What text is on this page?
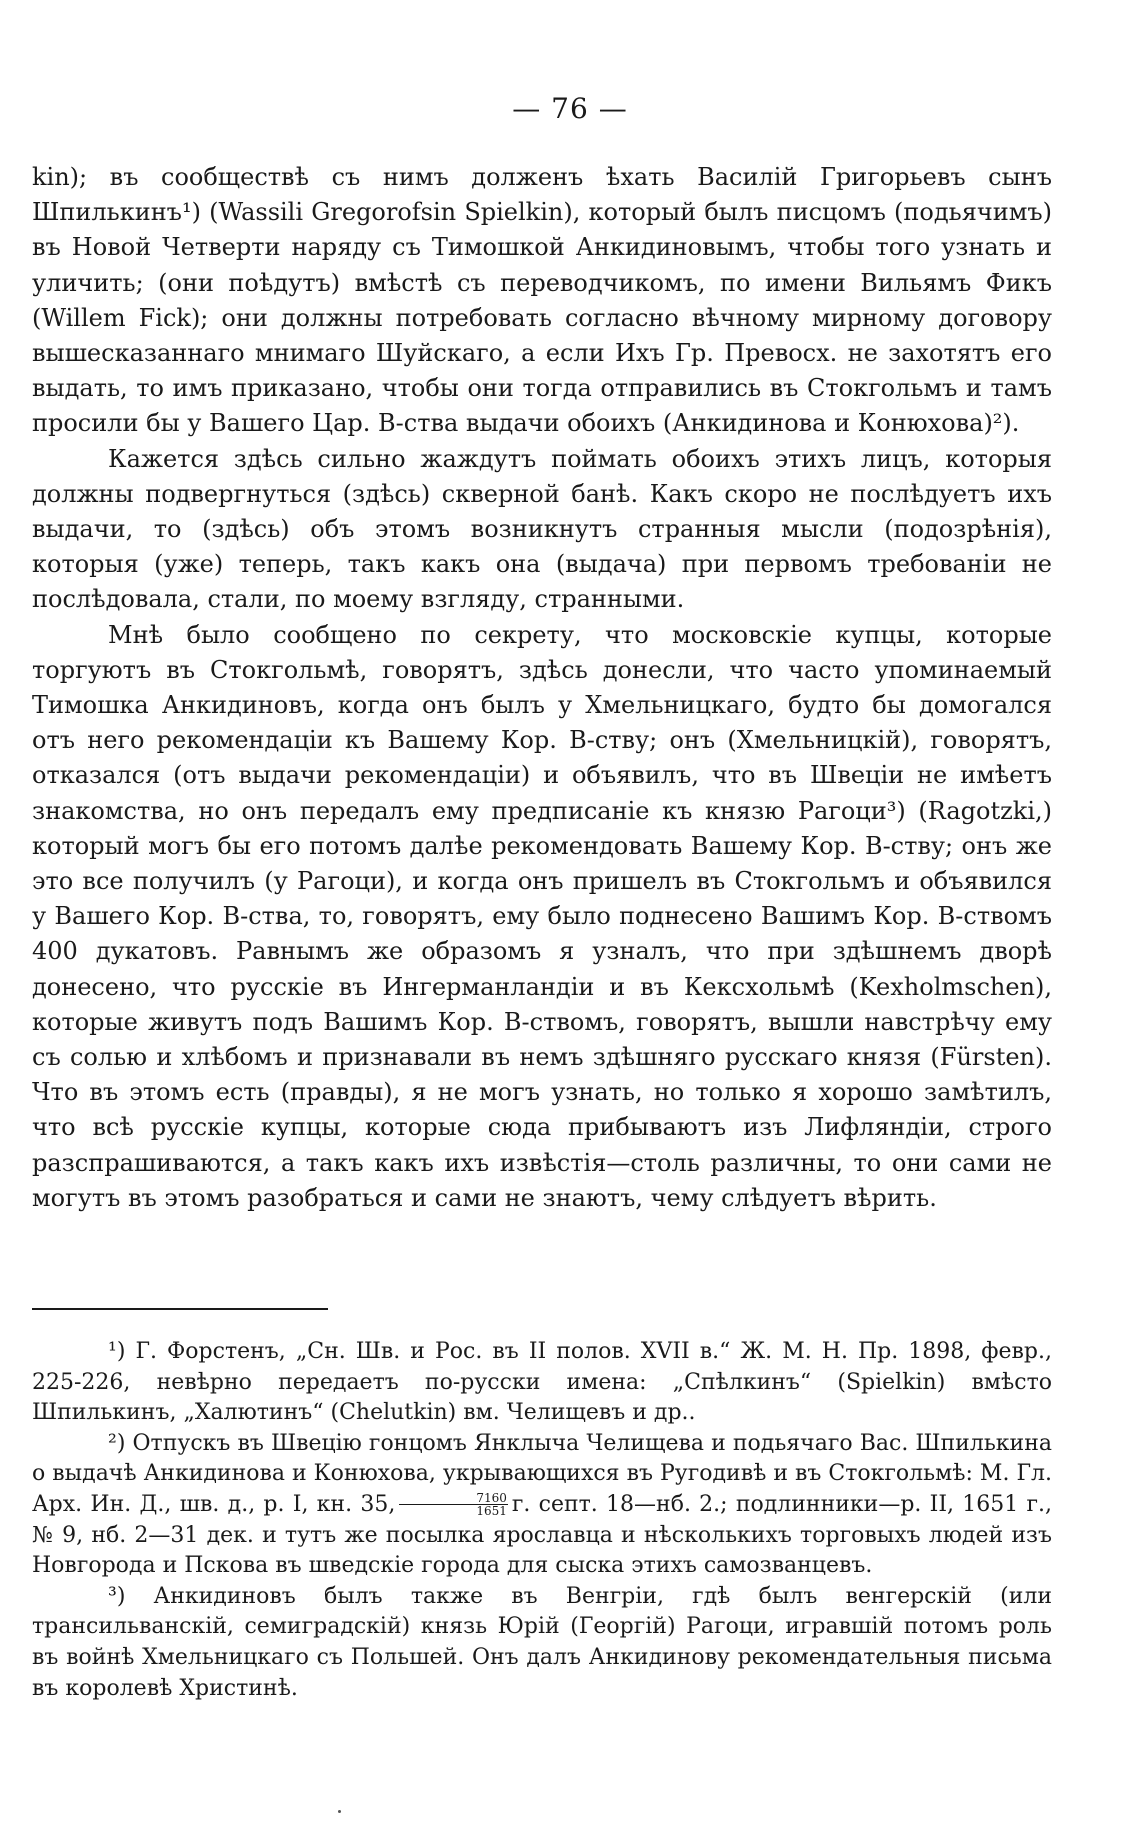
— 76 —

kin); въ сообществѣ съ нимъ долженъ ѣхать Василій Григорьевъ сынъ Шпилькинъ¹) (Wassili Gregorofsin Spielkin), который былъ писцомъ (подьячимъ) въ Новой Четверти наряду съ Тимошкой Анкидиновымъ, чтобы того узнать и уличить; (они поѣдутъ) вмѣстѣ съ переводчикомъ, по имени Вильямъ Фикъ (Willem Fick); они должны потребовать согласно вѣчному мирному договору вышесказаннаго мнимаго Шуйскаго, а если Ихъ Гр. Превосх. не захотятъ его выдать, то имъ приказано, чтобы они тогда отправились въ Стокгольмъ и тамъ просили бы у Вашего Цар. В-ства выдачи обоихъ (Анкидинова и Конюхова)²).

Кажется здѣсь сильно жаждутъ поймать обоихъ этихъ лицъ, которыя должны подвергнуться (здѣсь) скверной банѣ. Какъ скоро не послѣдуетъ ихъ выдачи, то (здѣсь) объ этомъ возникнутъ странныя мысли (подозрѣнія), которыя (уже) теперь, такъ какъ она (выдача) при первомъ требованіи не послѣдовала, стали, по моему взгляду, странными.

Мнѣ было сообщено по секрету, что московскіе купцы, которые торгуютъ въ Стокгольмѣ, говорятъ, здѣсь донесли, что часто упоминаемый Тимошка Анкидиновъ, когда онъ былъ у Хмельницкаго, будто бы домогался отъ него рекомендаціи къ Вашему Кор. В-ству; онъ (Хмельницкій), говорятъ, отказался (отъ выдачи рекомендаціи) и объявилъ, что въ Швеціи не имѣетъ знакомства, но онъ передалъ ему предписаніе къ князю Рагоци³) (Ragotzki,) который могъ бы его потомъ далѣе рекомендовать Вашему Кор. В-ству; онъ же это все получилъ (у Рагоци), и когда онъ пришелъ въ Стокгольмъ и объявился у Вашего Кор. В-ства, то, говорятъ, ему было поднесено Вашимъ Кор. В-ствомъ 400 дукатовъ. Равнымъ же образомъ я узналъ, что при здѣшнемъ дворѣ донесено, что русскіе въ Ингерманландіи и въ Кексхольмѣ (Kexholmschen), которые живутъ подъ Вашимъ Кор. В-ствомъ, говорятъ, вышли навстрѣчу ему съ солью и хлѣбомъ и признавали въ немъ здѣшняго русскаго князя (Fürsten). Что въ этомъ есть (правды), я не могъ узнать, но только я хорошо замѣтилъ, что всѣ русскіе купцы, которые сюда прибываютъ изъ Лифляндіи, строго разспрашиваются, а такъ какъ ихъ извѣстія—столь различны, то они сами не могутъ въ этомъ разобраться и сами не знаютъ, чему слѣдуетъ вѣрить.

¹) Г. Форстенъ, „Сн. Шв. и Рос. въ II полов. XVII в.“ Ж. М. Н. Пр. 1898, февр., 225-226, невѣрно передаетъ по-русски имена: „Спѣлкинъ“ (Spielkin) вмѣсто Шпилькинъ, „Халютинъ“ (Chelutkin) вм. Челищевъ и др..

²) Отпускъ въ Швецію гонцомъ Янклыча Челищева и подьячаго Вас. Шпилькина о выдачѣ Анкидинова и Конюхова, укрывающихся въ Ругодивѣ и въ Стокгольмѣ: М. Гл. Арх. Ин. Д., шв. д., р. I, кн. 35, $\frac{7160}{1651} г$. септ. 18—нб. 2.; подлинники—р. II, 1651 г., № 9, нб. 2—31 дек. и тутъ же посылка ярославца и нѣсколькихъ торговыхъ людей изъ Новгорода и Пскова въ шведскіе города для сыска этихъ самозванцевъ.

³) Анкидиновъ былъ также въ Венгріи, гдѣ былъ венгерскій (или трансильванскій, семиградскій) князь Юрій (Георгій) Рагоци, игравшій потомъ роль въ войнѣ Хмельницкаго съ Польшей. Онъ далъ Анкидинову рекомендательныя письма въ королевѣ Христинѣ.
